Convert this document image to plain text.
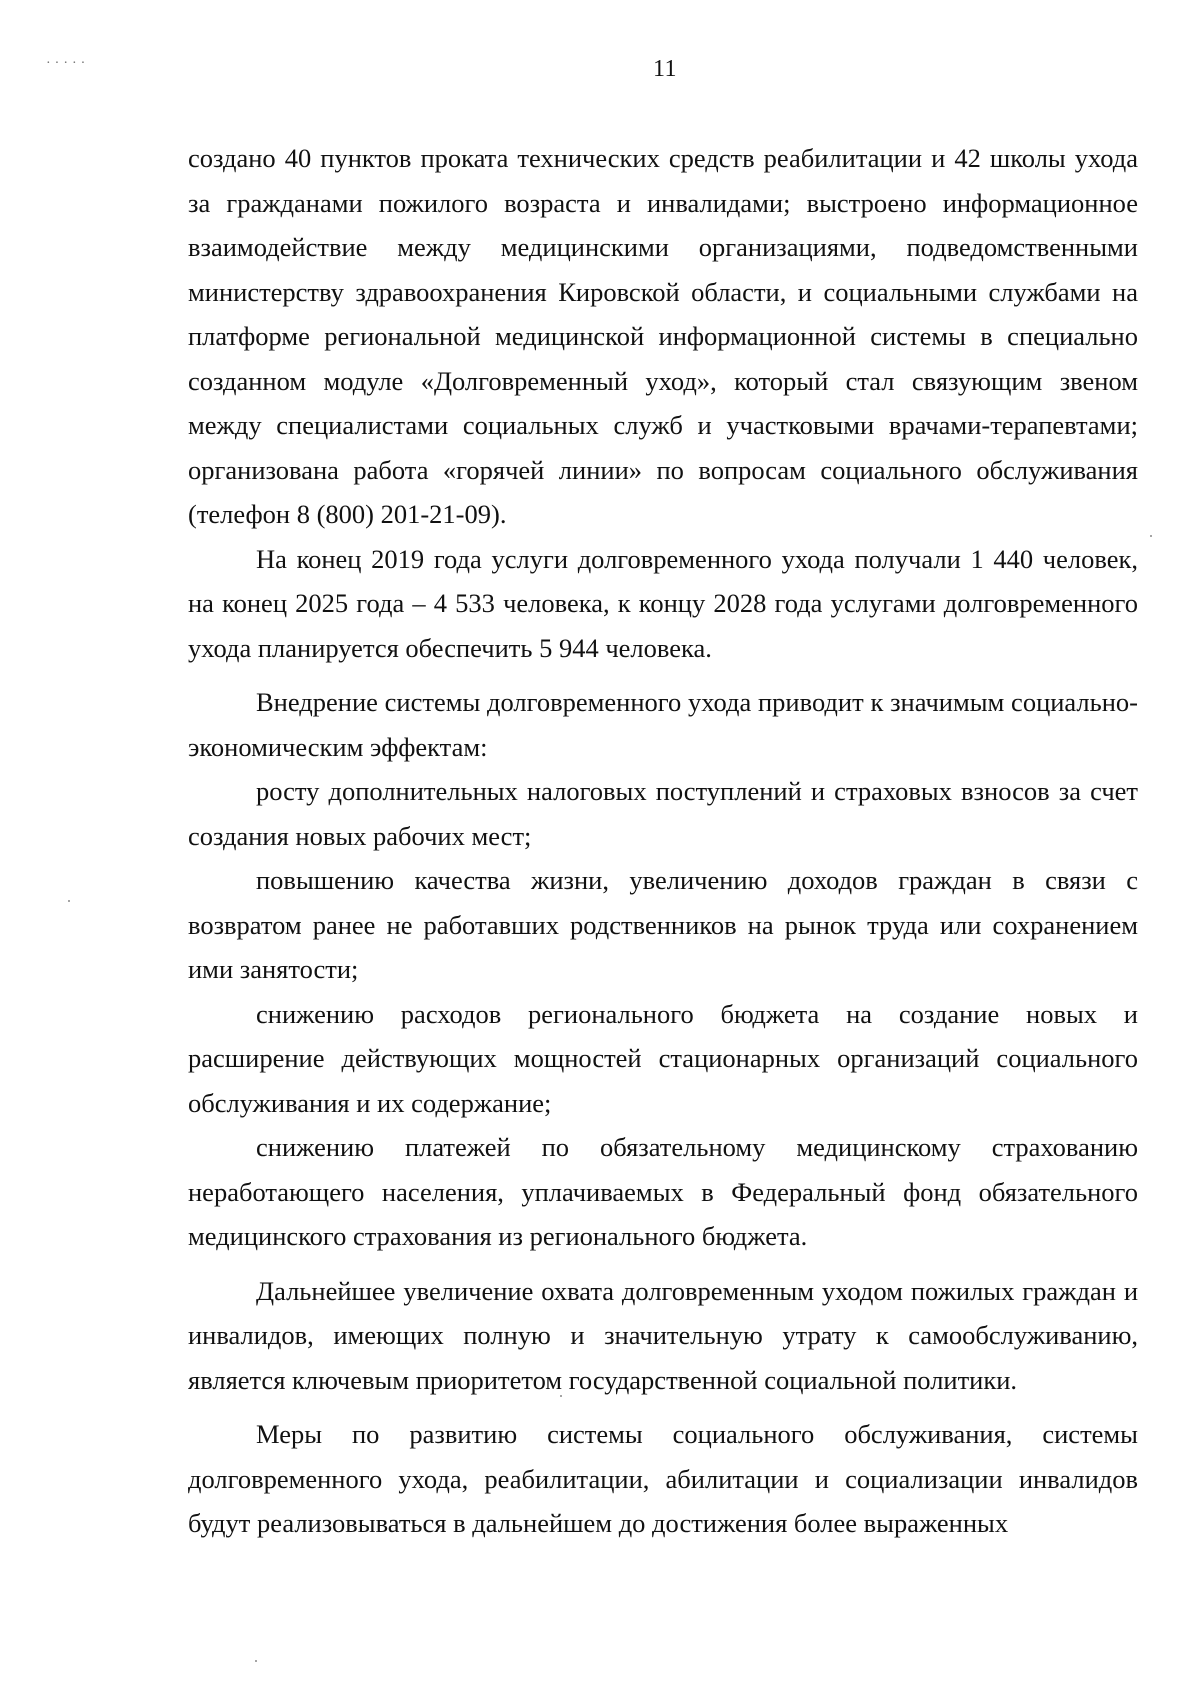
·····	11

создано 40 пунктов проката технических средств реабилитации и 42 школы ухода за гражданами пожилого возраста и инвалидами; выстроено информационное взаимодействие между медицинскими организациями, подведомственными министерству здравоохранения Кировской области, и социальными службами на платформе региональной медицинской информационной системы в специально созданном модуле «Долговременный уход», который стал связующим звеном между специалистами социальных служб и участковыми врачами-терапевтами; организована работа «горячей линии» по вопросам социального обслуживания (телефон 8 (800) 201-21-09).

На конец 2019 года услуги долговременного ухода получали 1 440 человек, на конец 2025 года – 4 533 человека, к концу 2028 года услугами долговременного ухода планируется обеспечить 5 944 человека.

Внедрение системы долговременного ухода приводит к значимым социально-экономическим эффектам:

росту дополнительных налоговых поступлений и страховых взносов за счет создания новых рабочих мест;

повышению качества жизни, увеличению доходов граждан в связи с возвратом ранее не работавших родственников на рынок труда или сохранением ими занятости;

снижению расходов регионального бюджета на создание новых и расширение действующих мощностей стационарных организаций социального обслуживания и их содержание;

снижению платежей по обязательному медицинскому страхованию неработающего населения, уплачиваемых в Федеральный фонд обязательного медицинского страхования из регионального бюджета.

Дальнейшее увеличение охвата долговременным уходом пожилых граждан и инвалидов, имеющих полную и значительную утрату к самообслуживанию, является ключевым приоритетом государственной социальной политики.

Меры по развитию системы социального обслуживания, системы долговременного ухода, реабилитации, абилитации и социализации инвалидов будут реализовываться в дальнейшем до достижения более выраженных
